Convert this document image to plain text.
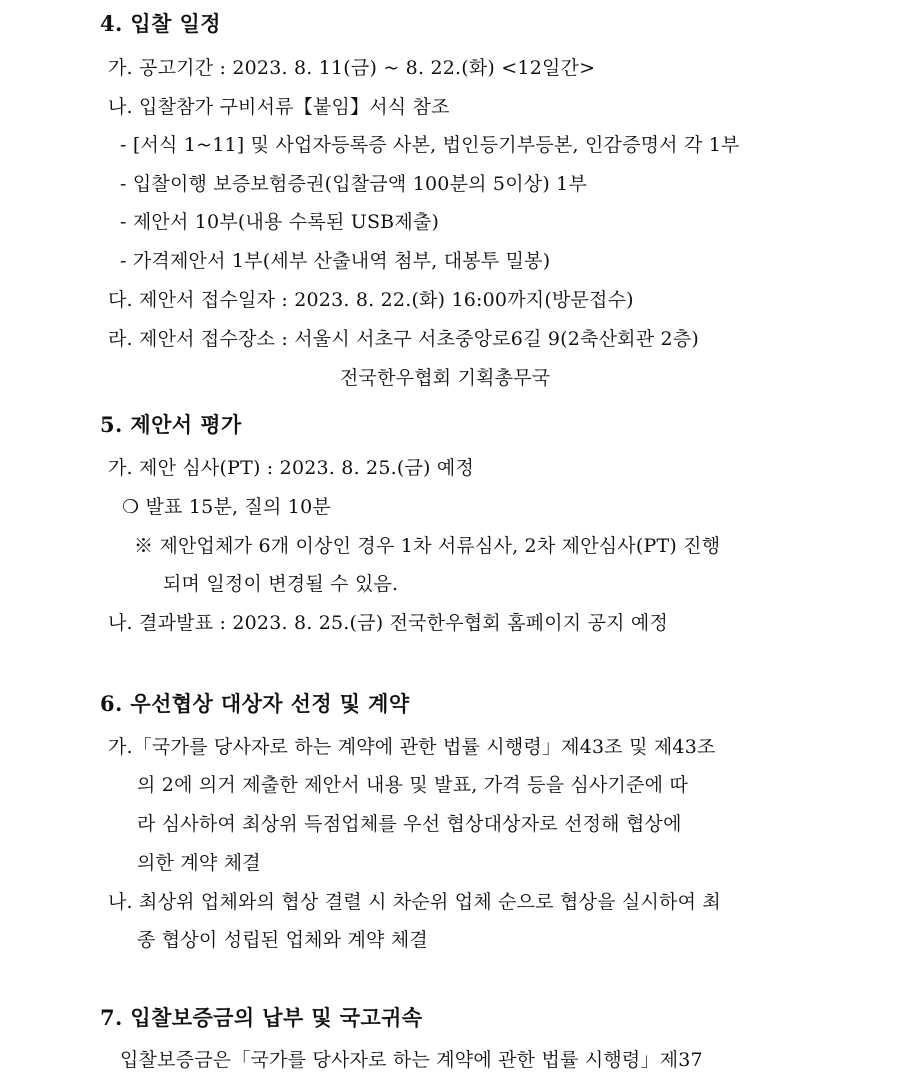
4. 입찰 일정
가. 공고기간 : 2023. 8. 11(금) ~ 8. 22.(화) <12일간>
나. 입찰참가 구비서류【붙임】서식 참조
- [서식 1~11] 및 사업자등록증 사본, 법인등기부등본, 인감증명서 각 1부
- 입찰이행 보증보험증권(입찰금액 100분의 5이상) 1부
- 제안서 10부(내용 수록된 USB제출)
- 가격제안서 1부(세부 산출내역 첨부, 대봉투 밀봉)
다. 제안서 접수일자 : 2023. 8. 22.(화) 16:00까지(방문접수)
라. 제안서 접수장소 : 서울시 서초구 서초중앙로6길 9(2축산회관 2층)
전국한우협회 기획총무국
5. 제안서 평가
가. 제안 심사(PT) : 2023. 8. 25.(금) 예정
❍ 발표 15분, 질의 10분
※ 제안업체가 6개 이상인 경우 1차 서류심사, 2차 제안심사(PT) 진행
되며 일정이 변경될 수 있음.
나. 결과발표 : 2023. 8. 25.(금) 전국한우협회 홈페이지 공지 예정
6. 우선협상 대상자 선정 및 계약
가.「국가를 당사자로 하는 계약에 관한 법률 시행령」제43조 및 제43조
의 2에 의거 제출한 제안서 내용 및 발표, 가격 등을 심사기준에 따
라 심사하여 최상위 득점업체를 우선 협상대상자로 선정해 협상에
의한 계약 체결
나. 최상위 업체와의 협상 결렬 시 차순위 업체 순으로 협상을 실시하여 최
종 협상이 성립된 업체와 계약 체결
7. 입찰보증금의 납부 및 국고귀속
입찰보증금은「국가를 당사자로 하는 계약에 관한 법률 시행령」제37
